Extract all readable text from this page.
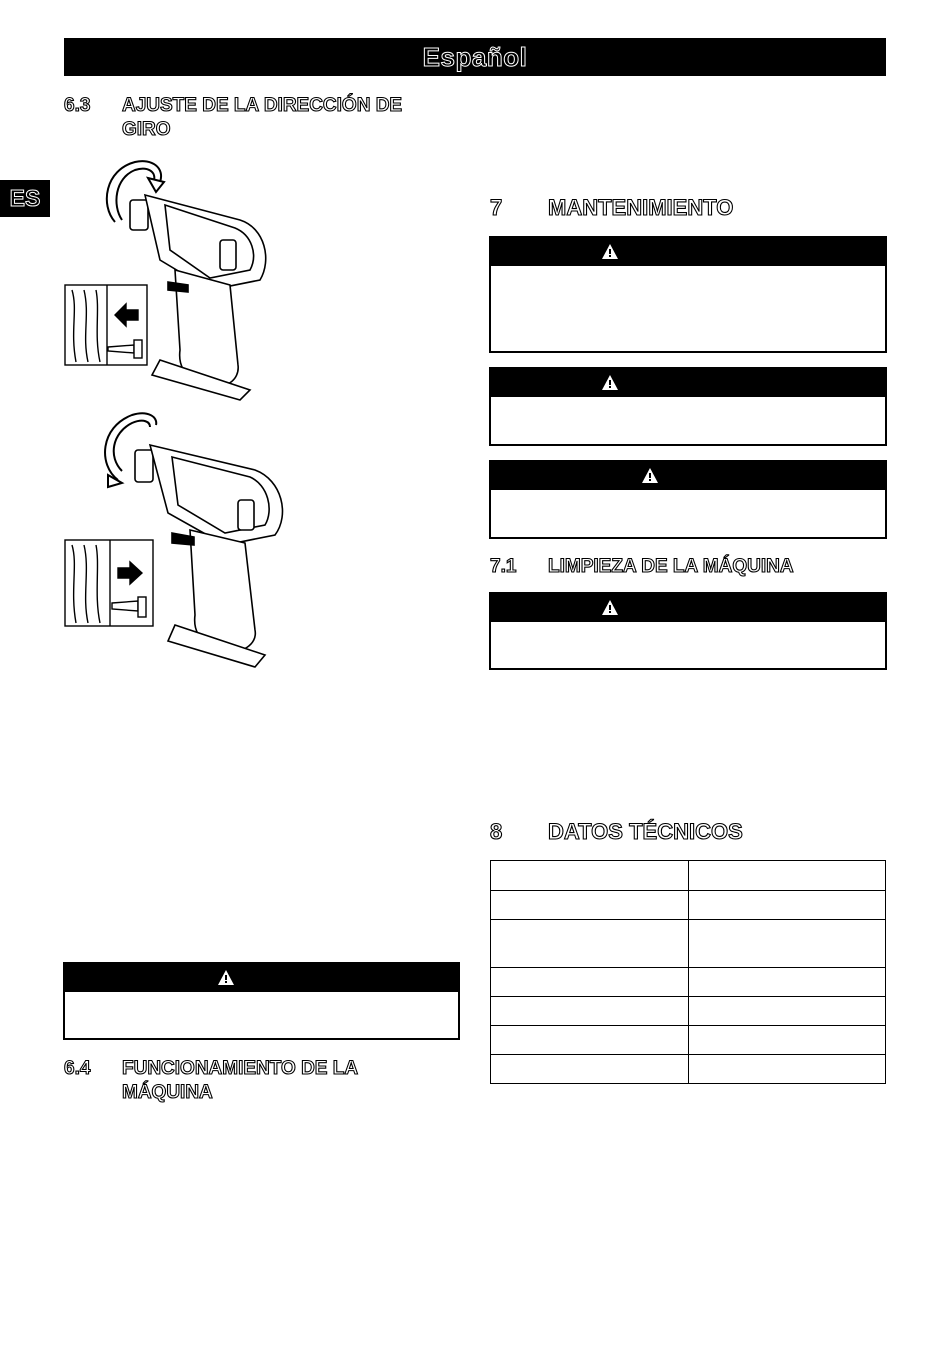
Español
ES
6.3 AJUSTE DE LA DIRECCIÓN DE
GIRO
6.4 FUNCIONAMIENTO DE LA
MÁQUINA
7 MANTENIMIENTO
7.1 LIMPIEZA DE LA MÁQUINA
8 DATOS TÉCNICOS
